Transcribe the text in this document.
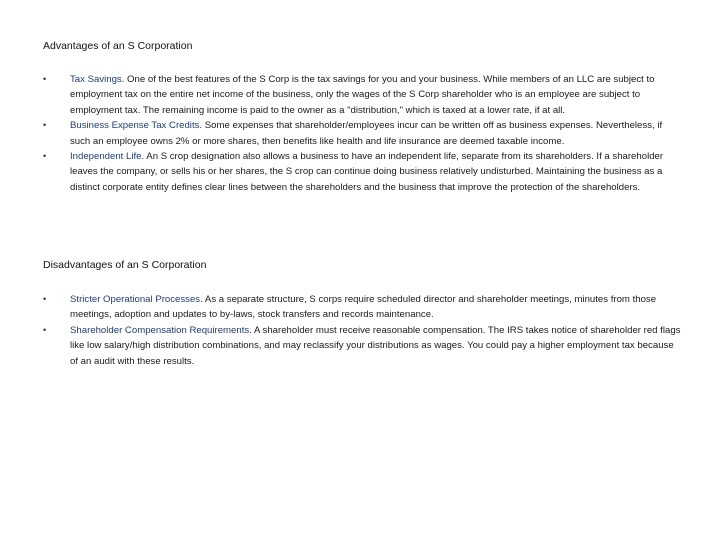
Advantages of an S Corporation
• Tax Savings. One of the best features of the S Corp is the tax savings for you and your business. While members of an LLC are subject to employment tax on the entire net income of the business, only the wages of the S Corp shareholder who is an employee are subject to employment tax. The remaining income is paid to the owner as a "distribution," which is taxed at a lower rate, if at all.
• Business Expense Tax Credits. Some expenses that shareholder/employees incur can be written off as business expenses. Nevertheless, if such an employee owns 2% or more shares, then benefits like health and life insurance are deemed taxable income.
• Independent Life. An S crop designation also allows a business to have an independent life, separate from its shareholders. If a shareholder leaves the company, or sells his or her shares, the S crop can continue doing business relatively undisturbed. Maintaining the business as a distinct corporate entity defines clear lines between the shareholders and the business that improve the protection of the shareholders.
Disadvantages of an S Corporation
• Stricter Operational Processes. As a separate structure, S corps require scheduled director and shareholder meetings, minutes from those meetings, adoption and updates to by-laws, stock transfers and records maintenance.
• Shareholder Compensation Requirements. A shareholder must receive reasonable compensation. The IRS takes notice of shareholder red flags like low salary/high distribution combinations, and may reclassify your distributions as wages. You could pay a higher employment tax because of an audit with these results.
